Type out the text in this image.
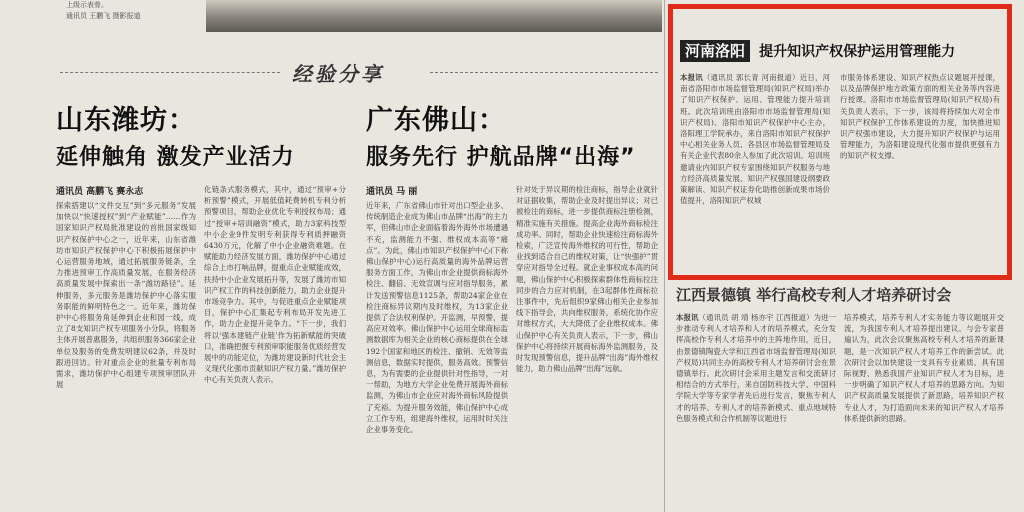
上级示表骨。
通讯员 王鹏飞 摄影报道
经验分享
山东潍坊：
延伸触角 激发产业活力
通讯员 高鹏飞 赛永志
探索搭建以“文件交互”到“多元服务”发展加快以“快速授权”到“产业赋能”……作为国家知识产权局批准建设的首批国家级知识产权保护中心之一，近年来，山东省潍坊市知识产权保护中心下积极拓展保护中心运营服务地域，通过拓展服务链条，全力推进预审工作高质量发展，在服务经济高质量发展中探索出一条“潍坊路径”。延伸服务，多元服务是潍坊保护中心落实服务职能的鲜明特色之一。近年来，潍坊保护中心将服务角延伸到企业和园一线，成立了8支知识产权专项服务小分队，将服务主体开展普惠服务，共组织服务366家企业单位及服务的免费发明建议62条，并及时跟进回访。针对重点企业的批量专利布局需求，潍坊保护中心组建专项预审团队开展
化链条式服务模式，其中，通过“预审+分析预警”模式，开展低值耗费转机专利分析预警项目，帮助企业优化专利授权布局；通过“授审+培训融资”模式，助力3家科技型中小企业9件发明专利获得专利质押融资6430万元，化解了中小企业融资难题。在赋能助力经济发展方面，潍坊保护中心通过综合上市打响品牌，提重点企业赋能成效，扶持中小企业发展拓升等，发展了潍坊市知识产权工作的科技创新能力，助力企业提升市场竞争力。其中，与促进重点企业赋能项目，保护中心汇集起专利布局开发先进工作，助力企业提升竞争力。“下一步，我们将以‘强本建链产业链’作为拓新赋能的突破口，准确把握专利预审职能服务优质经营发展中的功能定位，为潍坊建设新时代社会主义现代化强市贡献知识产权力量。”潍坊保护中心有关负责人表示。
广东佛山：
服务先行 护航品牌“出海”
通讯员 马 丽
近年来，广东省佛山市针对出口型企业多、传统制造企业成为佛山市品牌“出海”的主力军，但佛山市企业面临着海外海外市场遭遇不充，监测能力不强、维权成本高等“痛点”。为此，佛山市知识产权保护中心(下称佛山保护中心)运行高质量的海外品牌运营服务方面工作，为佛山市企业提供商标海外检注、翻倍、无效宣调与应对指导服务，累计发送预警信息1125条，帮助24家企业在检注商标异议期内及时维权，为13家企业提供了合法权利保护。开监测，早预警，提高应对效率。佛山保护中心运用全球商标监测数据库为相关企业的核心商标提供在全球192个国家和地区的检注、撤销、无效等监测信息，数据实时提供，服务高效。预警信息，为有需要的企业提供针对性指导，一对一帮助，为地方大学企业免费开展海外商标监测，为佛山市企业应对海外商标风险提供了充裕。为提升服务效能，佛山保护中心成立工作专班，组建海外维权，运用时时关注企业事务变化。
针对处于异议期的检注商标，指导企业就针对证据收集，帮助企业及时提出异议；对已被检注的商标，进一步提供商标注册检测，精准实施有关措施。提高企业海外商标检注成功率。同时，帮助企业快速检注商标海外检索，广泛宣传海外维权的可行性，帮助企业找到适合自己的维权对策，让“快强护”贯穿应对指导全过程。就企业事权成本高的问题，佛山保护中心积极探索群体性商标拉注同步的合力应对机制，在3起群体性商标拉注事件中，先后组织9家佛山相关企业参加线下指导会，共向维权服务，系统化协作应对维权方式，大大降低了企业维权成本。佛山保护中心有关负责人表示，下一步，佛山保护中心将持续开展商标海外监测服务，及时发现预警信息，提升品牌“出海”海外维权能力，助力佛山品牌“出海”远航。
河南洛阳 提升知识产权保护运用管理能力
本报讯（通讯员 郭长青 河南报道）近日，河南省洛阳市市场监督管理局(知识产权局)举办了知识产权保护、运用、管理能力提升培训班。此次培训班由洛阳市市场监督管理局(知识产权局)、洛阳市知识产权保护中心主办，洛阳理工学院承办，来自洛阳市知识产权保护中心相关业务人员、各县区市场监督管理局及有关企业代表80余人参加了此次培训。培训班邀请业内知识产权专家围绕知识产权服务与地方经济高质量发展、知识产权强国建设纲要政策解读、知识产权证券化助推创新成果市场价值提升，洛阳知识产权城
市服务体系建设、知识产权热点议题展开授课，以及品牌保护地方政策方面的相关业务等内容进行授课。洛阳市市场监督管理局(知识产权局)有关负责人表示，下一步，该局将持续加大对全市知识产权保护工作体系建设的力度，加快推进知识产权强市建设，大力提升知识产权保护与运用管理能力，为洛阳建设现代化强市提供更强有力的知识产权支撑。
江西景德镇 举行高校专利人才培养研讨会
本报讯（通讯员 胡 靖 杨亦宇 江西报道）为进一步推动专利人才培养和人才的培养模式，充分发挥高校作专利人才培养中的主阵地作用，近日，由景德镇陶瓷大学和江西省市场监督管理局(知识产权局)共同主办的高校专利人才培养研讨会在景德镇举行。此次研讨会采用主题发言和交流研讨相结合的方式举行，来自国防科技大学、中国科学院大学等专家学者先后进行发言，聚焦专利人才的培养、专利人才的培养新模式、重点地域特色服务模式和合作机制等议题进行
培养模式，培养专利人才实务能力等议题展开交流，为我国专利人才培养提出建议。与会专家普遍认为，此次会议聚焦高校专利人才培养的新课题，是一次知识产权人才培养工作的新尝试。此次研讨会以加快建设一支具有专业素质、具有国际视野、熟悉我国产业知识产权人才为目标，进一步明确了知识产权人才培养的思路方向。为知识产权高质量发展提供了新思路，培养知识产权专业人才，为打造面向未来的知识产权人才培养体系提供新的思路。
